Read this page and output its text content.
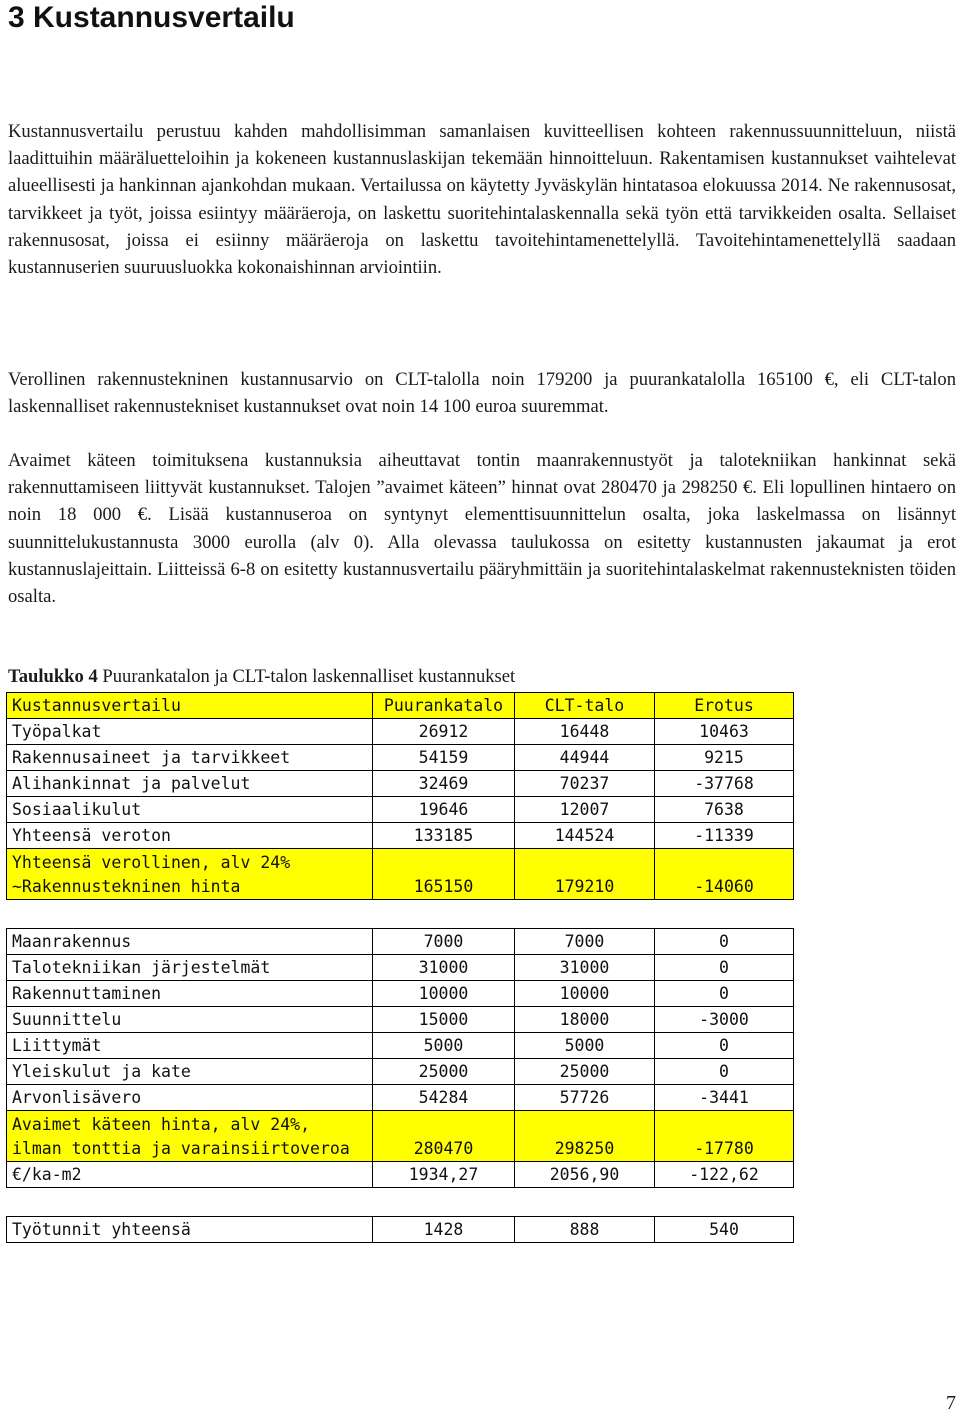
3 Kustannusvertailu

Kustannusvertailu perustuu kahden mahdollisimman samanlaisen kuvitteellisen kohteen rakennussuunnitteluun, niistä laadittuihin määräluetteloihin ja kokeneen kustannuslaskijan tekemään hinnoitteluun. Rakentamisen kustannukset vaihtelevat alueellisesti ja hankinnan ajankohdan mukaan. Vertailussa on käytetty Jyväskylän hintatasoa elokuussa 2014. Ne rakennusosat, tarvikkeet ja työt, joissa esiintyy määräeroja, on laskettu suoritehintalaskennalla sekä työn että tarvikkeiden osalta. Sellaiset rakennusosat, joissa ei esiinny määräeroja on laskettu tavoitehintamenettelyllä. Tavoitehintamenettelyllä saadaan kustannuserien suuruusluokka kokonaishinnan arviointiin.

Verollinen rakennustekninen kustannusarvio on CLT-talolla noin 179200 ja puurankatalolla 165100 €, eli CLT-talon laskennalliset rakennustekniset kustannukset ovat noin 14 100 euroa suuremmat.

Avaimet käteen toimituksena kustannuksia aiheuttavat tontin maanrakennustyöt ja talotekniikan hankinnat sekä rakennuttamiseen liittyvät kustannukset. Talojen ”avaimet käteen” hinnat ovat 280470 ja 298250 €. Eli lopullinen hintaero on noin 18 000 €. Lisää kustannuseroa on syntynyt elementtisuunnittelun osalta, joka laskelmassa on lisännyt suunnittelukustannusta 3000 eurolla (alv 0). Alla olevassa taulukossa on esitetty kustannusten jakaumat ja erot kustannuslajeittain. Liitteissä 6-8 on esitetty kustannusvertailu pääryhmittäin ja suoritehintalaskelmat rakennusteknisten töiden osalta.

Taulukko 4 Puurankatalon ja CLT-talon laskennalliset kustannukset

Kustannusvertailu	Puurankatalo	CLT-talo	Erotus
Työpalkat	26912	16448	10463
Rakennusaineet ja tarvikkeet	54159	44944	9215
Alihankinnat ja palvelut	32469	70237	-37768
Sosiaalikulut	19646	12007	7638
Yhteensä veroton	133185	144524	-11339
Yhteensä verollinen, alv 24%
~Rakennustekninen hinta	165150	179210	-14060
Maanrakennus	7000	7000	0
Talotekniikan järjestelmät	31000	31000	0
Rakennuttaminen	10000	10000	0
Suunnittelu	15000	18000	-3000
Liittymät	5000	5000	0
Yleiskulut ja kate	25000	25000	0
Arvonlisävero	54284	57726	-3441
Avaimet käteen hinta, alv 24%,
ilman tonttia ja varainsiirtoveroa	280470	298250	-17780
€/ka-m2	1934,27	2056,90	-122,62
Työtunnit yhteensä	1428	888	540
7
